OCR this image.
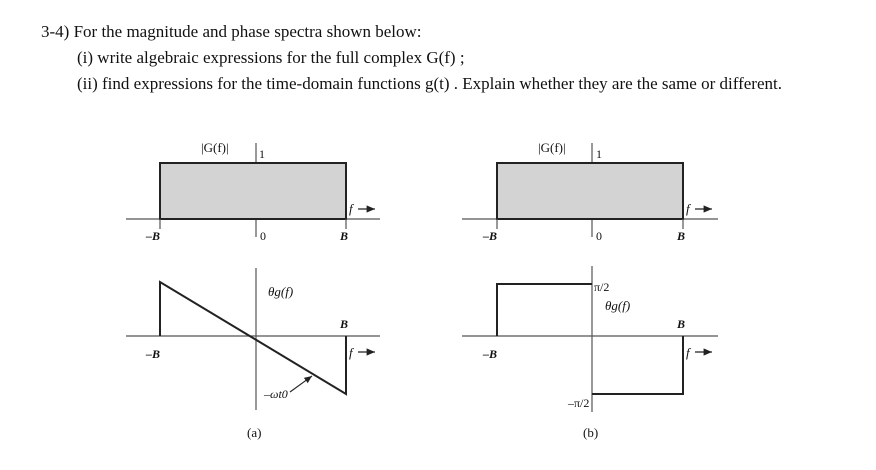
3-4) For the magnitude and phase spectra shown below:
(i) write algebraic expressions for the full complex G(f) ;
(ii) find expressions for the time-domain functions g(t) . Explain whether they are the same or different.
|G(f)|	1
–B	0	B
f
–B
B
θg(f)
f
–ωt0
(a)
|G(f)|	1
–B	0	B
f
–B
B
π/2
–π/2
θg(f)
f
(b)
